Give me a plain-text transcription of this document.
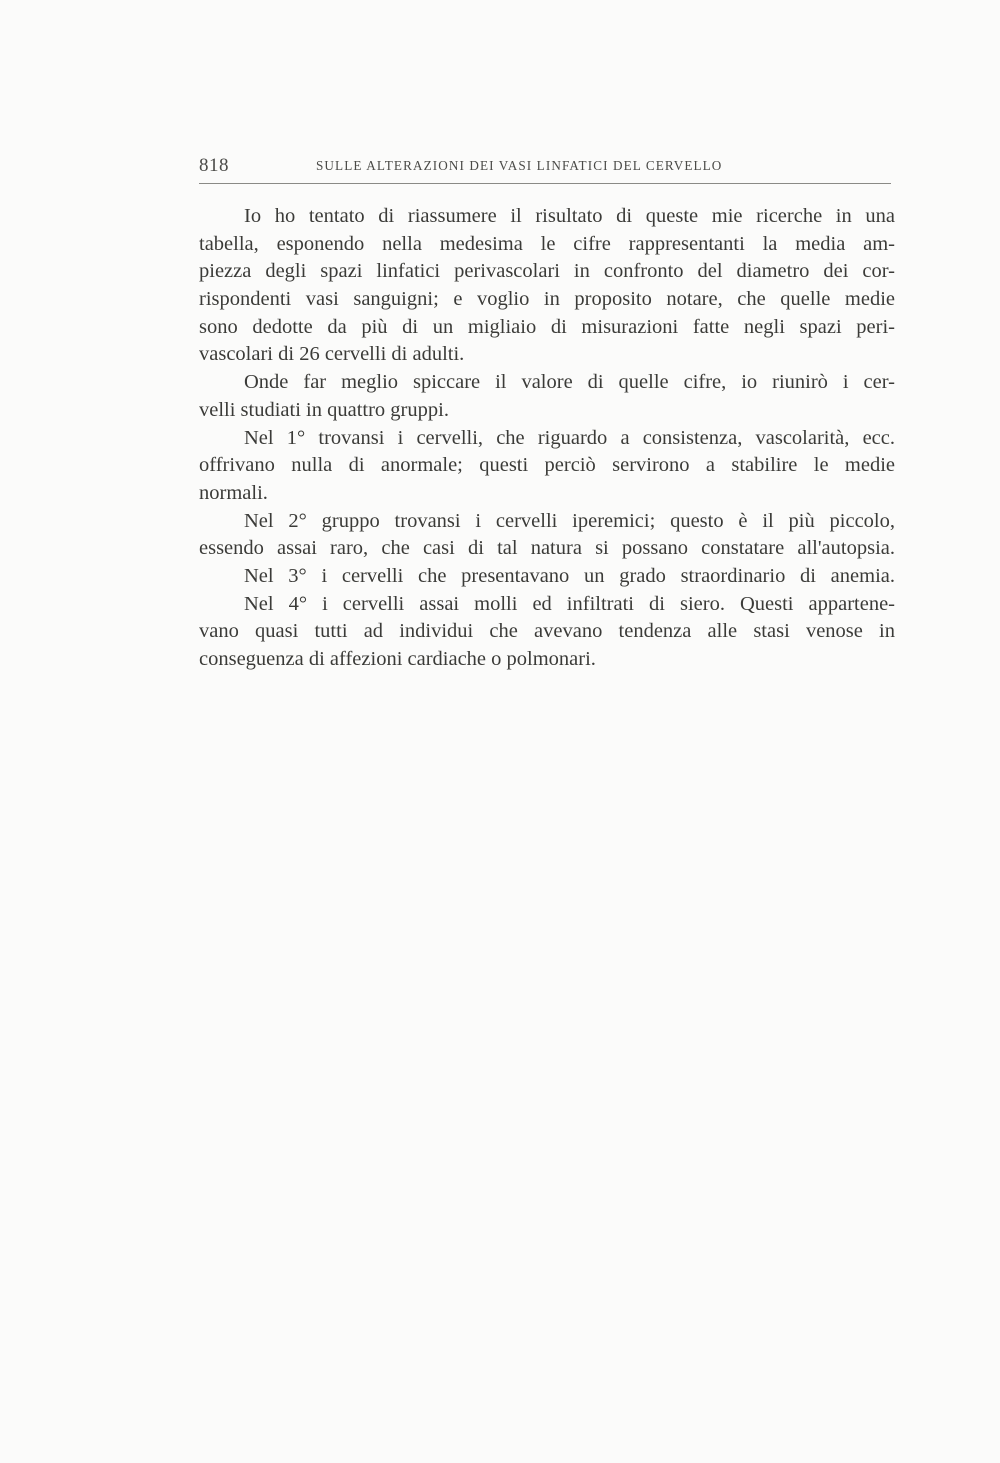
818	SULLE ALTERAZIONI DEI VASI LINFATICI DEL CERVELLO
Io ho tentato di riassumere il risultato di queste mie ricerche in una
tabella, esponendo nella medesima le cifre rappresentanti la media am-
piezza degli spazi linfatici perivascolari in confronto del diametro dei cor-
rispondenti vasi sanguigni; e voglio in proposito notare, che quelle medie
sono dedotte da più di un migliaio di misurazioni fatte negli spazi peri-
vascolari di 26 cervelli di adulti.
Onde far meglio spiccare il valore di quelle cifre, io riunirò i cer-
velli studiati in quattro gruppi.
Nel 1° trovansi i cervelli, che riguardo a consistenza, vascolarità, ecc.
offrivano nulla di anormale; questi perciò servirono a stabilire le medie
normali.
Nel 2° gruppo trovansi i cervelli iperemici; questo è il più piccolo,
essendo assai raro, che casi di tal natura si possano constatare all'autopsia.
Nel 3° i cervelli che presentavano un grado straordinario di anemia.
Nel 4° i cervelli assai molli ed infiltrati di siero. Questi appartene-
vano quasi tutti ad individui che avevano tendenza alle stasi venose in
conseguenza di affezioni cardiache o polmonari.
